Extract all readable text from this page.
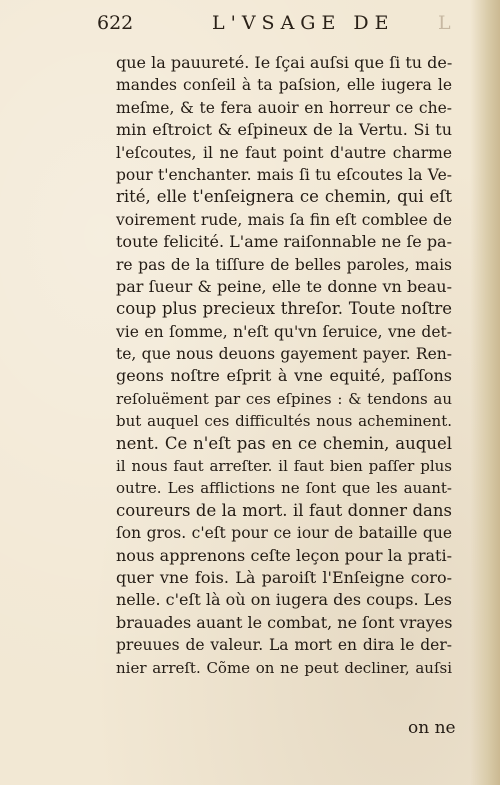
622	L'VSAGE DE L
que la pauureté. Ie ſçai auſsi que ſi tu de-
mandes conſeil à ta paſsion, elle iugera le
meſme, & te fera auoir en horreur ce che-
min eſtroict & eſpineux de la Vertu. Si tu
l'eſcoutes, il ne faut point d'autre charme
pour t'enchanter. mais ſi tu eſcoutes la Ve-
rité, elle t'enſeignera ce chemin, qui eſt
voirement rude, mais ſa fin eſt comblee de
toute felicité. L'ame raiſonnable ne ſe pa-
re pas de la tiſſure de belles paroles, mais
par ſueur & peine, elle te donne vn beau-
coup plus precieux threſor. Toute noſtre
vie en ſomme, n'eſt qu'vn ſeruice, vne det-
te, que nous deuons gayement payer. Ren-
geons noſtre eſprit à vne equité, paſſons
reſoluëment par ces eſpines : & tendons au
but auquel ces difficultés nous acheminent.
nent. Ce n'eſt pas en ce chemin, auquel
il nous faut arreſter. il faut bien paſſer plus
outre. Les afflictions ne ſont que les auant-
coureurs de la mort. il faut donner dans
ſon gros. c'eſt pour ce iour de bataille que
nous apprenons ceſte leçon pour la prati-
quer vne fois. Là paroiſt l'Enſeigne coro-
nelle. c'eſt là où on iugera des coups. Les
brauades auant le combat, ne ſont vrayes
preuues de valeur. La mort en dira le der-
nier arreſt. Cõme on ne peut decliner, auſsi
on ne
